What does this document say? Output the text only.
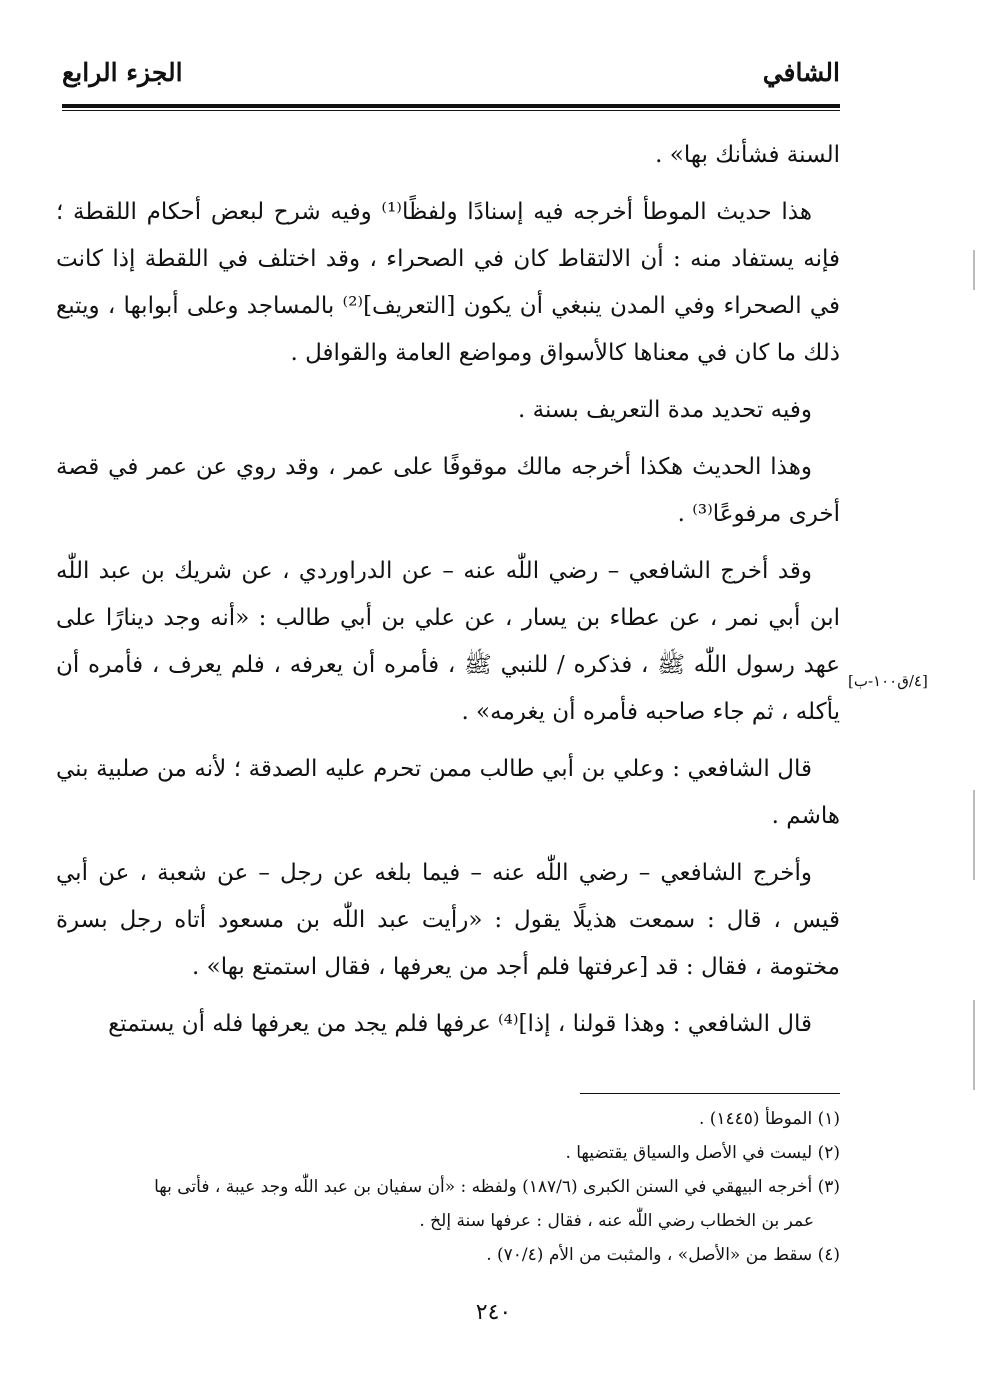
الشافي
الجزء الرابع

السنة فشأنك بها» .

هذا حديث الموطأ أخرجه فيه إسنادًا ولفظًا⁽¹⁾ وفيه شرح لبعض أحكام اللقطة ؛ فإنه يستفاد منه : أن الالتقاط كان في الصحراء ، وقد اختلف في اللقطة إذا كانت في الصحراء وفي المدن ينبغي أن يكون [التعريف]⁽²⁾ بالمساجد وعلى أبوابها ، ويتبع ذلك ما كان في معناها كالأسواق ومواضع العامة والقوافل .

وفيه تحديد مدة التعريف بسنة .

وهذا الحديث هكذا أخرجه مالك موقوفًا على عمر ، وقد روي عن عمر في قصة أخرى مرفوعًا⁽³⁾ .

وقد أخرج الشافعي – رضي اللّٰه عنه – عن الدراوردي ، عن شريك بن عبد اللّٰه ابن أبي نمر ، عن عطاء بن يسار ، عن علي بن أبي طالب : «أنه وجد دينارًا على عهد رسول اللّٰه ﷺ ، فذكره / للنبي ﷺ ، فأمره أن يعرفه ، فلم يعرف ، فأمره أن يأكله ، ثم جاء صاحبه فأمره أن يغرمه» .

قال الشافعي : وعلي بن أبي طالب ممن تحرم عليه الصدقة ؛ لأنه من صلبية بني هاشم .

وأخرج الشافعي – رضي اللّٰه عنه – فيما بلغه عن رجل – عن شعبة ، عن أبي قيس ، قال : سمعت هذيلًا يقول : «رأيت عبد اللّٰه بن مسعود أتاه رجل بسرة مختومة ، فقال : قد [عرفتها فلم أجد من يعرفها ، فقال استمتع بها» .

قال الشافعي : وهذا قولنا ، إذا]⁽⁴⁾ عرفها فلم يجد من يعرفها فله أن يستمتع

[٤/ق١٠٠-ب]

(١) الموطأ (١٤٤٥) .

(٢) ليست في الأصل والسياق يقتضيها .

(٣) أخرجه البيهقي في السنن الكبرى (١٨٧/٦) ولفظه : «أن سفيان بن عبد اللّٰه وجد عيبة ، فأتى بها

عمر بن الخطاب رضي اللّٰه عنه ، فقال : عرفها سنة إلخ .

(٤) سقط من «الأصل» ، والمثبت من الأم (٧٠/٤) .

٢٤٠
